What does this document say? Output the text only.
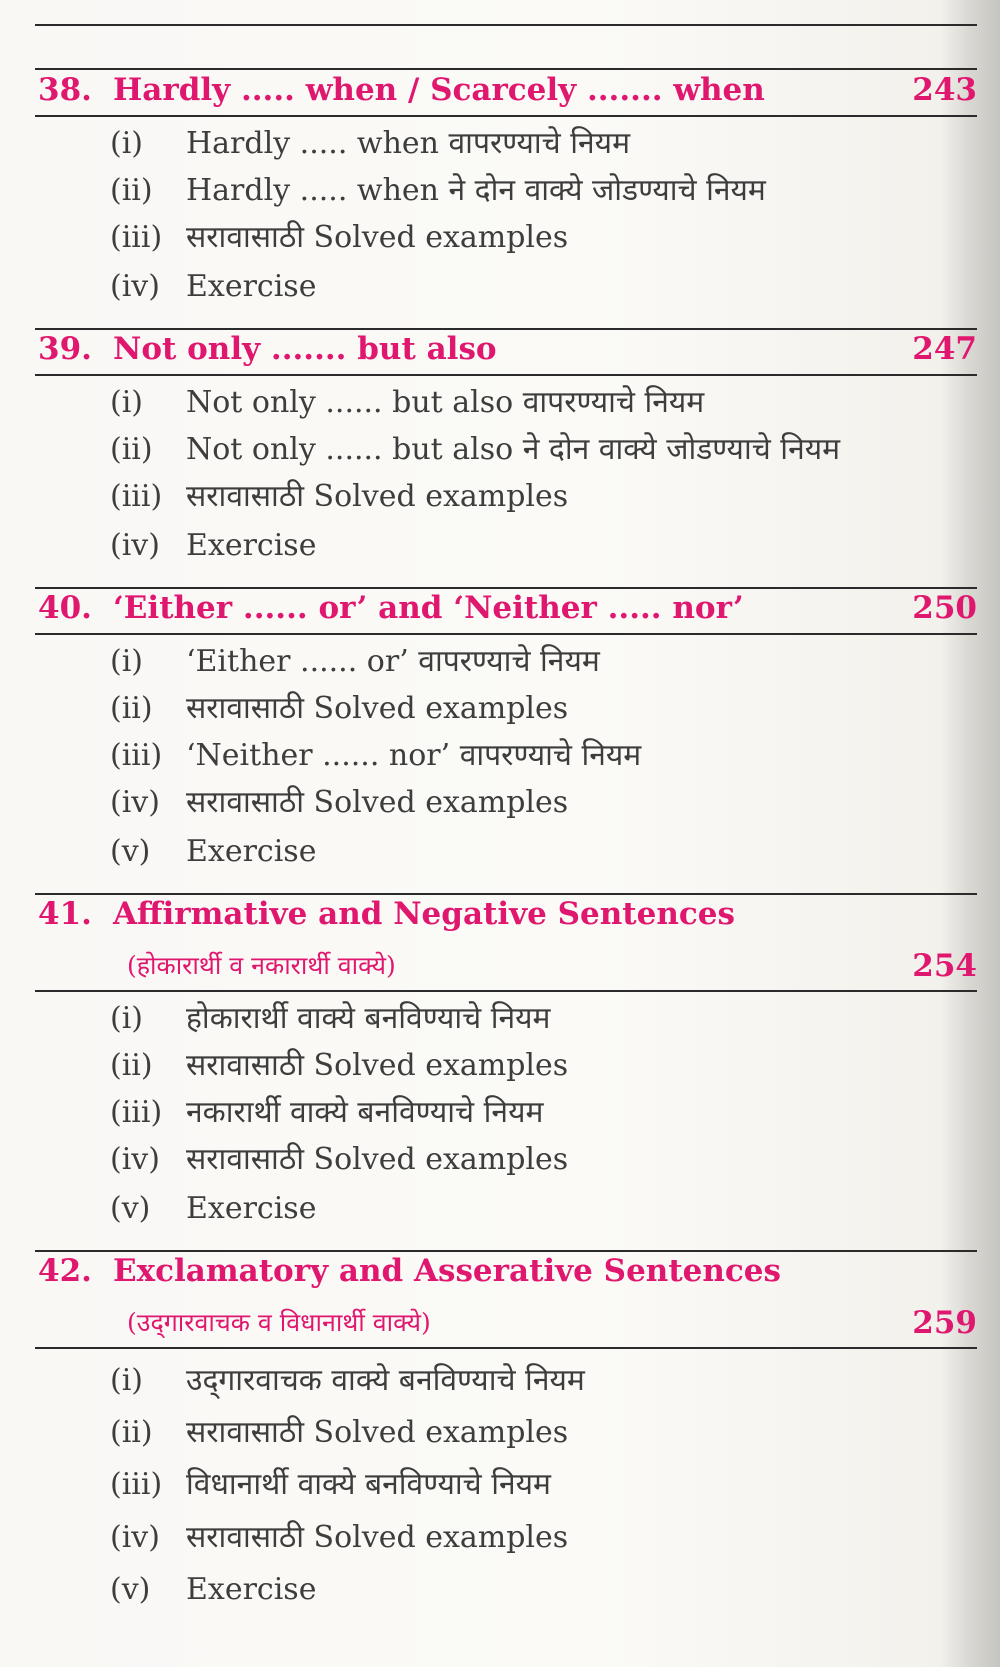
38. Hardly ..... when / Scarcely ....... when	243
(i) Hardly ..... when वापरण्याचे नियम
(ii) Hardly ..... when ने दोन वाक्ये जोडण्याचे नियम
(iii) सरावासाठी Solved examples
(iv) Exercise
39. Not only ....... but also	247
(i) Not only ...... but also वापरण्याचे नियम
(ii) Not only ...... but also ने दोन वाक्ये जोडण्याचे नियम
(iii) सरावासाठी Solved examples
(iv) Exercise
40. ‘Either ...... or’ and ‘Neither ..... nor’	250
(i) ‘Either ...... or’ वापरण्याचे नियम
(ii) सरावासाठी Solved examples
(iii) ‘Neither ...... nor’ वापरण्याचे नियम
(iv) सरावासाठी Solved examples
(v) Exercise
41. Affirmative and Negative Sentences
(होकारार्थी व नकारार्थी वाक्ये)	254
(i) होकारार्थी वाक्ये बनविण्याचे नियम
(ii) सरावासाठी Solved examples
(iii) नकारार्थी वाक्ये बनविण्याचे नियम
(iv) सरावासाठी Solved examples
(v) Exercise
42. Exclamatory and Asserative Sentences
(उद्‌गारवाचक व विधानार्थी वाक्ये)	259
(i) उद्‌गारवाचक वाक्ये बनविण्याचे नियम
(ii) सरावासाठी Solved examples
(iii) विधानार्थी वाक्ये बनविण्याचे नियम
(iv) सरावासाठी Solved examples
(v) Exercise
